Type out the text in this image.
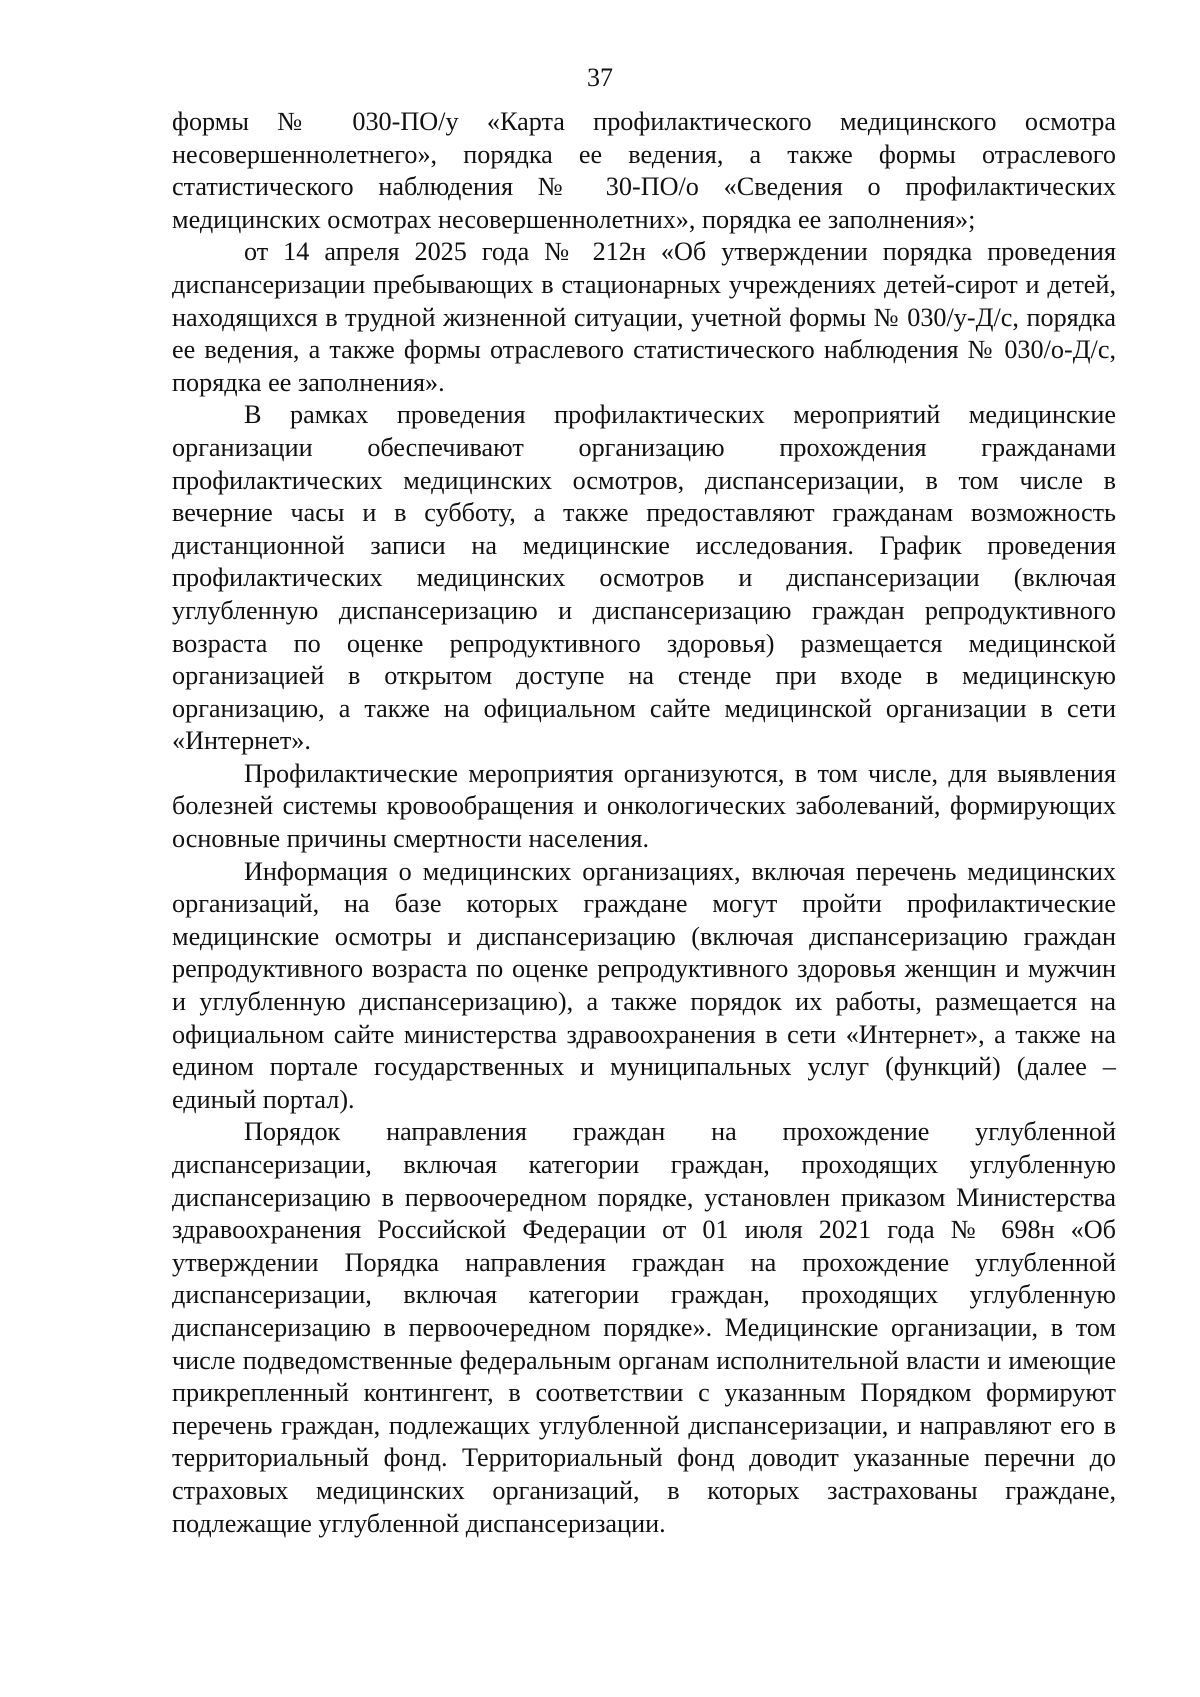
37

формы № 030-ПО/у «Карта профилактического медицинского осмотра несовершеннолетнего», порядка ее ведения, а также формы отраслевого статистического наблюдения № 30-ПО/о «Сведения о профилактических медицинских осмотрах несовершеннолетних», порядка ее заполнения»;

от 14 апреля 2025 года № 212н «Об утверждении порядка проведения диспансеризации пребывающих в стационарных учреждениях детей-сирот и детей, находящихся в трудной жизненной ситуации, учетной формы № 030/у-Д/с, порядка ее ведения, а также формы отраслевого статистического наблюдения № 030/о-Д/с, порядка ее заполнения».

В рамках проведения профилактических мероприятий медицинские организации обеспечивают организацию прохождения гражданами профилактических медицинских осмотров, диспансеризации, в том числе в вечерние часы и в субботу, а также предоставляют гражданам возможность дистанционной записи на медицинские исследования. График проведения профилактических медицинских осмотров и диспансеризации (включая углубленную диспансеризацию и диспансеризацию граждан репродуктивного возраста по оценке репродуктивного здоровья) размещается медицинской организацией в открытом доступе на стенде при входе в медицинскую организацию, а также на официальном сайте медицинской организации в сети «Интернет».

Профилактические мероприятия организуются, в том числе, для выявления болезней системы кровообращения и онкологических заболеваний, формирующих основные причины смертности населения.

Информация о медицинских организациях, включая перечень медицинских организаций, на базе которых граждане могут пройти профилактические медицинские осмотры и диспансеризацию (включая диспансеризацию граждан репродуктивного возраста по оценке репродуктивного здоровья женщин и мужчин и углубленную диспансеризацию), а также порядок их работы, размещается на официальном сайте министерства здравоохранения в сети «Интернет», а также на едином портале государственных и муниципальных услуг (функций) (далее – единый портал).

Порядок направления граждан на прохождение углубленной диспансеризации, включая категории граждан, проходящих углубленную диспансеризацию в первоочередном порядке, установлен приказом Министерства здравоохранения Российской Федерации от 01 июля 2021 года № 698н «Об утверждении Порядка направления граждан на прохождение углубленной диспансеризации, включая категории граждан, проходящих углубленную диспансеризацию в первоочередном порядке». Медицинские организации, в том числе подведомственные федеральным органам исполнительной власти и имеющие прикрепленный контингент, в соответствии с указанным Порядком формируют перечень граждан, подлежащих углубленной диспансеризации, и направляют его в территориальный фонд. Территориальный фонд доводит указанные перечни до страховых медицинских организаций, в которых застрахованы граждане, подлежащие углубленной диспансеризации.
